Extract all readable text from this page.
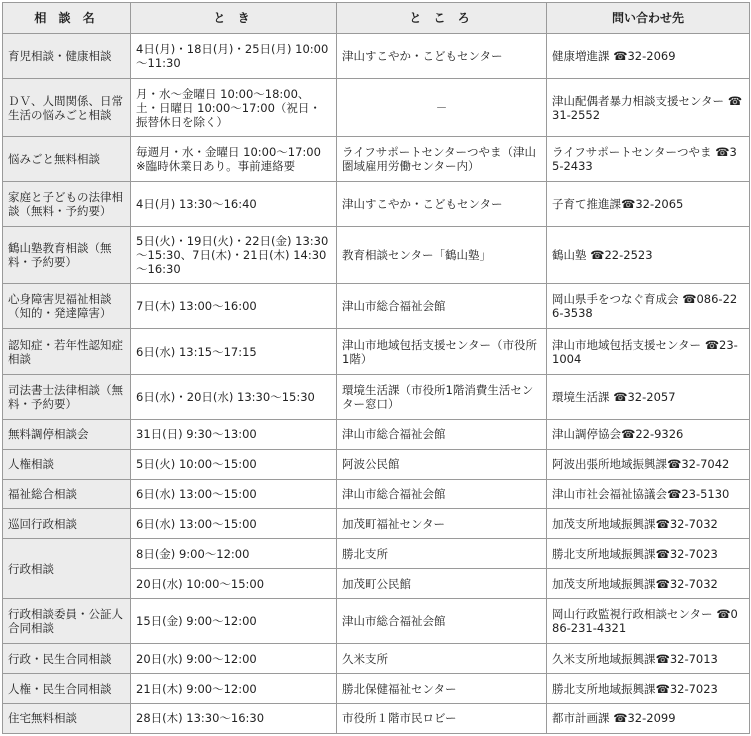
相 談 名	と き	と こ ろ	問い合わせ先
育児相談・健康相談	4日(月)・18日(月)・25日(月) 10:00～11:30	津山すこやか・こどもセンター	健康増進課 ☎32-2069
ＤＶ、人間関係、日常生活の悩みごと相談	月・水～金曜日 10:00～18:00、土・日曜日 10:00～17:00（祝日・振替休日を除く）	－	津山配偶者暴力相談支援センター ☎31-2552
悩みごと無料相談	毎週月・水・金曜日 10:00～17:00 ※臨時休業日あり。事前連絡要	ライフサポートセンターつやま（津山圏域雇用労働センター内）	ライフサポートセンターつやま ☎35-2433
家庭と子どもの法律相談（無料・予約要）	4日(月) 13:30～16:40	津山すこやか・こどもセンター	子育て推進課☎32-2065
鶴山塾教育相談（無料・予約要）	5日(火)・19日(火)・22日(金) 13:30～15:30、7日(木)・21日(木) 14:30～16:30	教育相談センター「鶴山塾」	鶴山塾 ☎22-2523
心身障害児福祉相談（知的・発達障害）	7日(木) 13:00～16:00	津山市総合福祉会館	岡山県手をつなぐ育成会 ☎086-226-3538
認知症・若年性認知症相談	6日(水) 13:15～17:15	津山市地域包括支援センター（市役所1階）	津山市地域包括支援センター ☎23-1004
司法書士法律相談（無料・予約要）	6日(水)・20日(水) 13:30～15:30	環境生活課（市役所1階消費生活センター窓口）	環境生活課 ☎32-2057
無料調停相談会	31日(日) 9:30～13:00	津山市総合福祉会館	津山調停協会☎22-9326
人権相談	5日(火) 10:00～15:00	阿波公民館	阿波出張所地域振興課☎32-7042
福祉総合相談	6日(水) 13:00～15:00	津山市総合福祉会館	津山市社会福祉協議会☎23-5130
巡回行政相談	6日(水) 13:00～15:00	加茂町福祉センター	加茂支所地域振興課☎32-7032
行政相談	8日(金) 9:00～12:00	勝北支所	勝北支所地域振興課☎32-7023
	20日(水) 10:00～15:00	加茂町公民館	加茂支所地域振興課☎32-7032
行政相談委員・公証人合同相談	15日(金) 9:00～12:00	津山市総合福祉会館	岡山行政監視行政相談センター ☎086-231-4321
行政・民生合同相談	20日(水) 9:00～12:00	久米支所	久米支所地域振興課☎32-7013
人権・民生合同相談	21日(木) 9:00～12:00	勝北保健福祉センター	勝北支所地域振興課☎32-7023
住宅無料相談	28日(木) 13:30～16:30	市役所１階市民ロビー	都市計画課 ☎32-2099
